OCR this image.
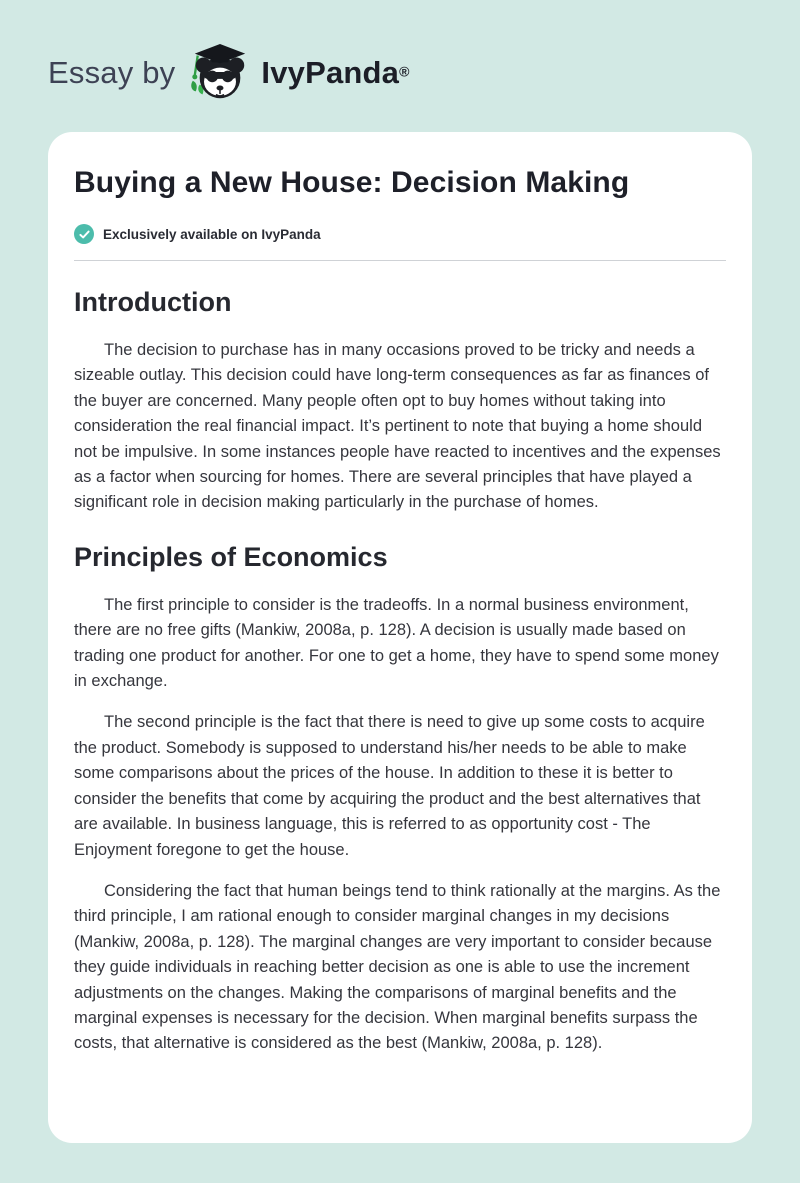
Essay by	IvyPanda®
Buying a New House: Decision Making
Exclusively available on IvyPanda
Introduction

The decision to purchase has in many occasions proved to be tricky and needs a sizeable outlay. This decision could have long-term consequences as far as finances of the buyer are concerned. Many people often opt to buy homes without taking into consideration the real financial impact. It’s pertinent to note that buying a home should not be impulsive. In some instances people have reacted to incentives and the expenses as a factor when sourcing for homes. There are several principles that have played a significant role in decision making particularly in the purchase of homes.

Principles of Economics

The first principle to consider is the tradeoffs. In a normal business environment, there are no free gifts (Mankiw, 2008a, p. 128). A decision is usually made based on trading one product for another. For one to get a home, they have to spend some money in exchange.

The second principle is the fact that there is need to give up some costs to acquire the product. Somebody is supposed to understand his/her needs to be able to make some comparisons about the prices of the house. In addition to these it is better to consider the benefits that come by acquiring the product and the best alternatives that are available. In business language, this is referred to as opportunity cost - The Enjoyment foregone to get the house.

Considering the fact that human beings tend to think rationally at the margins. As the third principle, I am rational enough to consider marginal changes in my decisions (Mankiw, 2008a, p. 128). The marginal changes are very important to consider because they guide individuals in reaching better decision as one is able to use the increment adjustments on the changes. Making the comparisons of marginal benefits and the marginal expenses is necessary for the decision. When marginal benefits surpass the costs, that alternative is considered as the best (Mankiw, 2008a, p. 128).
